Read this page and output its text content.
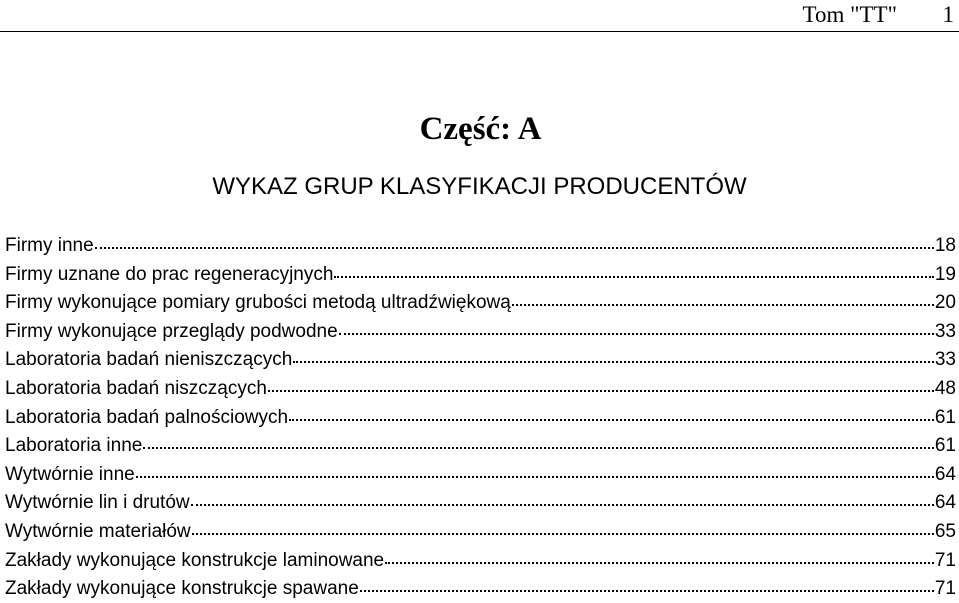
Tom "TT" 1
Część: A
WYKAZ GRUP KLASYFIKACJI PRODUCENTÓW
Firmy inne	18
Firmy uznane do prac regeneracyjnych	19
Firmy wykonujące pomiary grubości metodą ultradźwiękową	20
Firmy wykonujące przeglądy podwodne	33
Laboratoria badań nieniszczących	33
Laboratoria badań niszczących	48
Laboratoria badań palnościowych	61
Laboratoria inne	61
Wytwórnie inne	64
Wytwórnie lin i drutów	64
Wytwórnie materiałów	65
Zakłady wykonujące konstrukcje laminowane	71
Zakłady wykonujące konstrukcje spawane	71
